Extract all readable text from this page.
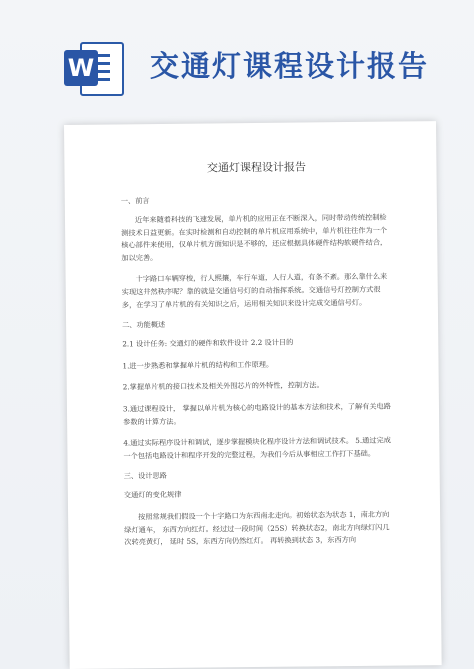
W 交通灯课程设计报告
交通灯课程设计报告
一、前言
近年来随着科技的飞速发展，单片机的应用正在不断深入，同时带动传统控制检测技术日益更新。在实时检测和自动控制的单片机应用系统中，单片机往往作为一个核心部件来使用，仅单片机方面知识是不够的，还应根据具体硬件结构软硬件结合，加以完善。
十字路口车辆穿梭，行人熙攘，车行车道，人行人道，有条不紊。那么靠什么来实现这井然秩序呢？靠的就是交通信号灯的自动指挥系统。交通信号灯控制方式很多，在学习了单片机的有关知识之后，运用相关知识来设计完成交通信号灯。
二、功能概述
2.1 设计任务: 交通灯的硬件和软件设计 2.2 设计目的
1.进一步熟悉和掌握单片机的结构和工作原理。
2.掌握单片机的接口技术及相关外围芯片的外特性，控制方法。
3.通过课程设计， 掌握以单片机为核心的电路设计的基本方法和技术，了解有关电路参数的计算方法。
4.通过实际程序设计和调试，逐步掌握模块化程序设计方法和调试技术。 5.通过完成一个包括电路设计和程序开发的完整过程，为我们今后从事相应工作打下基础。
三、设计思路
交通灯的变化规律
按照常规我们假设一个十字路口为东西南北走向。初始状态为状态 1，南北方向绿灯通车， 东西方向红灯。经过过一段时间（25S）转换状态2，南北方向绿灯闪几次转亮黄灯， 延时 5S，东西方向仍然红灯。 再转换到状态 3，东西方向
